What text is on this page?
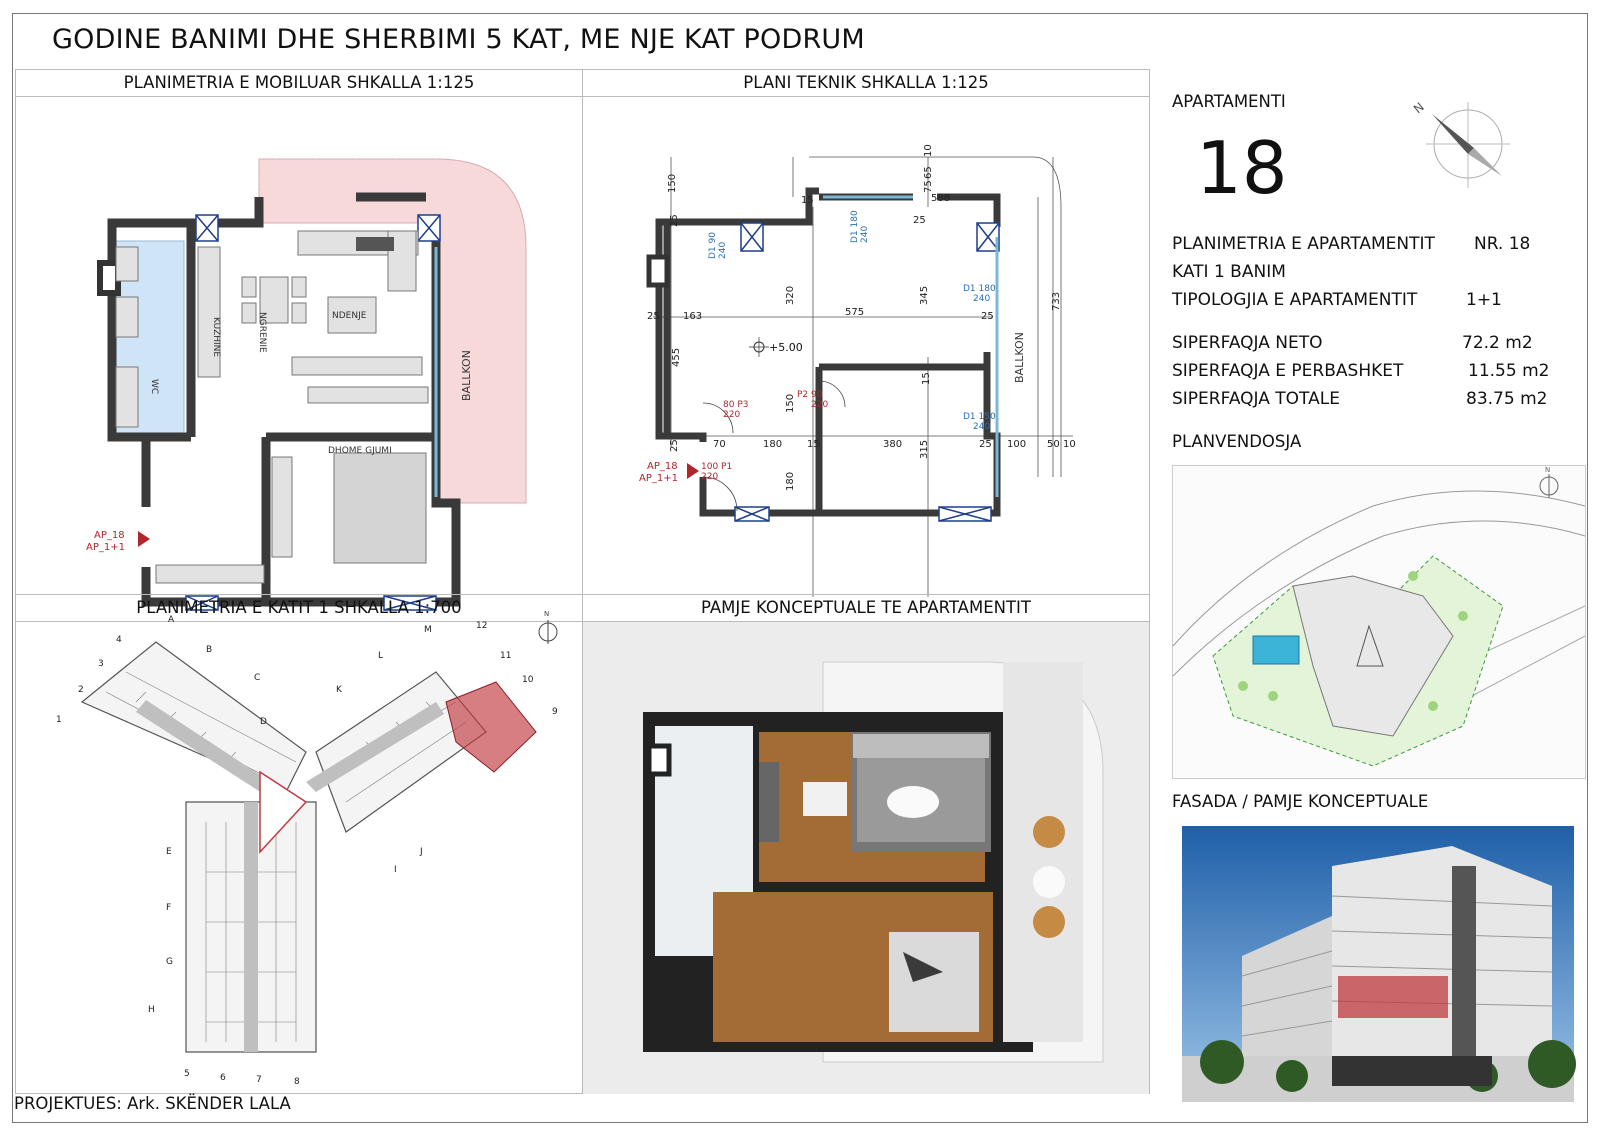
GODINE BANIMI DHE SHERBIMI 5 KAT, ME NJE KAT PODRUM
PLANIMETRIA E MOBILUAR SHKALLA 1:125
KUZHINE	NGRENIE	NDENJE
DHOME GJUMI
WC	BALLKON
AP_18
AP_1+1
PLANI TEKNIK SHKALLA 1:125
+5.00	BALLKON
150
25
25 163
455
25
320
575
345	733
25
588
65
10
75
15
25
15
70	180 15	380 315	25 100 50 10
180
150
D1 90 240
D1 180 240
D1 180
240
D1 150
240
80 P3
220
P2 90
220
100 P1
220
AP_18
AP_1+1
PLANIMETRIA E KATIT 1 SHKALLA 1:700	N
A
B
C
D
E
F
G
H
I
J
K
L
M
1
2
3
4
5	6	7	8
9
10
11
12
PAMJE KONCEPTUALE TE APARTAMENTIT
APARTAMENTI
18
N
PLANIMETRIA E APARTAMENTIT NR. 18
KATI 1 BANIM
TIPOLOGJIA E APARTAMENTIT	1+1
SIPERFAQJA NETO	72.2 m2
SIPERFAQJA E PERBASHKET	11.55 m2
SIPERFAQJA TOTALE	83.75 m2
PLANVENDOSJA
N
FASADA / PAMJE KONCEPTUALE
PROJEKTUES: Ark. SKËNDER LALA
